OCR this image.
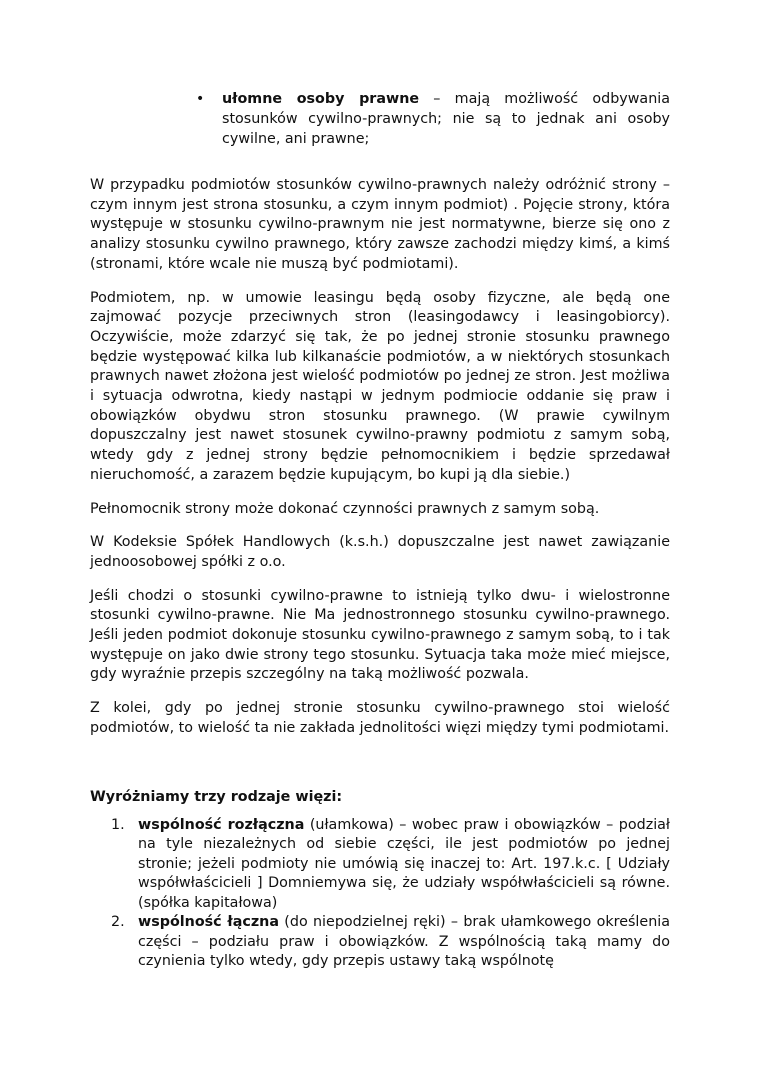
• ułomne osoby prawne – mają możliwość odbywania stosunków cywilno-prawnych; nie są to jednak ani osoby cywilne, ani prawne;

W przypadku podmiotów stosunków cywilno-prawnych należy odróżnić strony – czym innym jest strona stosunku, a czym innym podmiot) . Pojęcie strony, która występuje w stosunku cywilno-prawnym nie jest normatywne, bierze się ono z analizy stosunku cywilno prawnego, który zawsze zachodzi między kimś, a kimś (stronami, które wcale nie muszą być podmiotami).

Podmiotem, np. w umowie leasingu będą osoby fizyczne, ale będą one zajmować pozycje przeciwnych stron (leasingodawcy i leasingobiorcy). Oczywiście, może zdarzyć się tak, że po jednej stronie stosunku prawnego będzie występować kilka lub kilkanaście podmiotów, a w niektórych stosunkach prawnych nawet złożona jest wielość podmiotów po jednej ze stron. Jest możliwa i sytuacja odwrotna, kiedy nastąpi w jednym podmiocie oddanie się praw i obowiązków obydwu stron stosunku prawnego. (W prawie cywilnym dopuszczalny jest nawet stosunek cywilno-prawny podmiotu z samym sobą, wtedy gdy z jednej strony będzie pełnomocnikiem i będzie sprzedawał nieruchomość, a zarazem będzie kupującym, bo kupi ją dla siebie.)

Pełnomocnik strony może dokonać czynności prawnych z samym sobą.

W Kodeksie Spółek Handlowych (k.s.h.) dopuszczalne jest nawet zawiązanie jednoosobowej spółki z o.o.

Jeśli chodzi o stosunki cywilno-prawne to istnieją tylko dwu- i wielostronne stosunki cywilno-prawne. Nie Ma jednostronnego stosunku cywilno-prawnego. Jeśli jeden podmiot dokonuje stosunku cywilno-prawnego z samym sobą, to i tak występuje on jako dwie strony tego stosunku. Sytuacja taka może mieć miejsce, gdy wyraźnie przepis szczególny na taką możliwość pozwala.

Z kolei, gdy po jednej stronie stosunku cywilno-prawnego stoi wielość podmiotów, to wielość ta nie zakłada jednolitości więzi między tymi podmiotami.

Wyróżniamy trzy rodzaje więzi:
1. wspólność rozłączna (ułamkowa) – wobec praw i obowiązków – podział na tyle niezależnych od siebie części, ile jest podmiotów po jednej stronie; jeżeli podmioty nie umówią się inaczej to: Art. 197.k.c. [ Udziały współwłaścicieli ] Domniemywa się, że udziały współwłaścicieli są równe. (spółka kapitałowa)
2. wspólność łączna (do niepodzielnej ręki) – brak ułamkowego określenia części – podziału praw i obowiązków. Z wspólnością taką mamy do czynienia tylko wtedy, gdy przepis ustawy taką wspólnotę
